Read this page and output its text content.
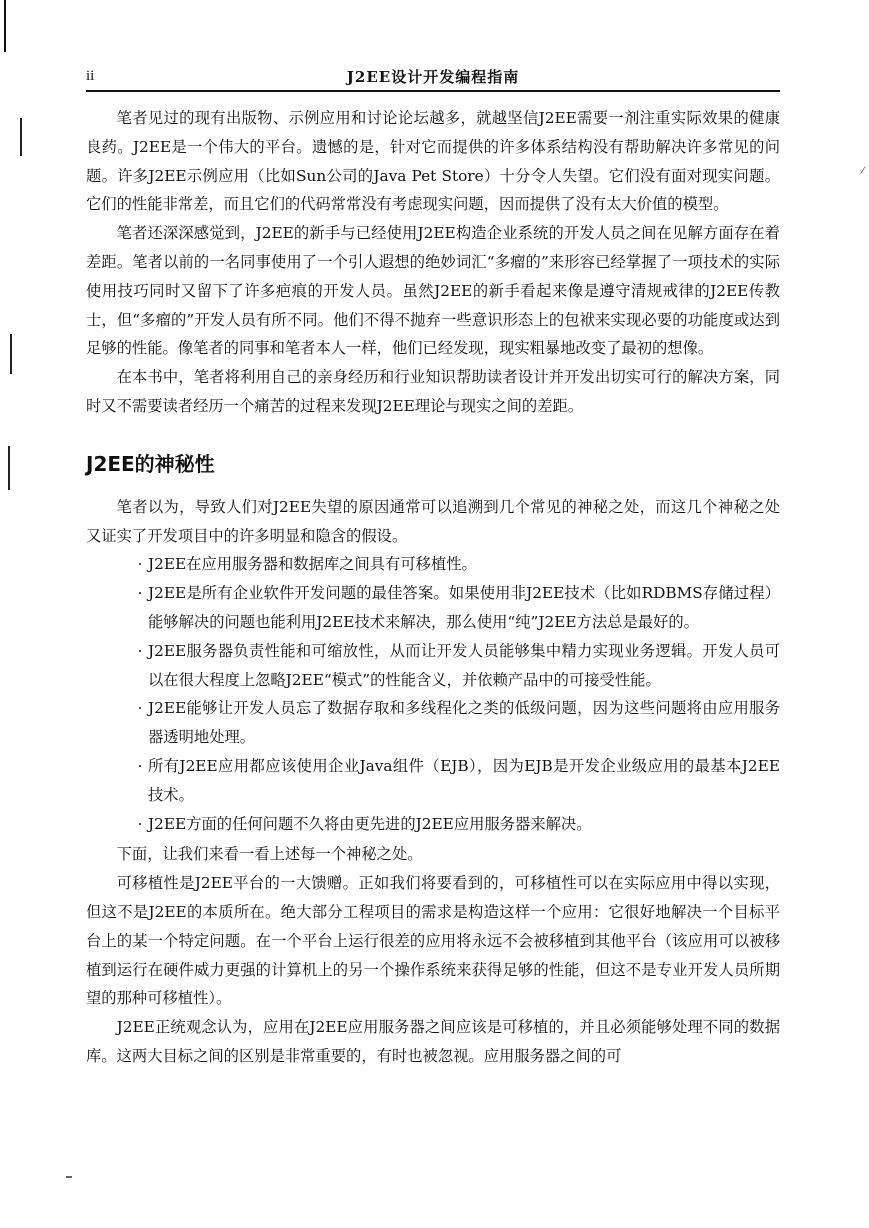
⁄
ii	J2EE设计开发编程指南

笔者见过的现有出版物、示例应用和讨论论坛越多，就越坚信J2EE需要一剂注重实际效果的健康良药。J2EE是一个伟大的平台。遗憾的是，针对它而提供的许多体系结构没有帮助解决许多常见的问题。许多J2EE示例应用（比如Sun公司的Java Pet Store）十分令人失望。它们没有面对现实问题。它们的性能非常差，而且它们的代码常常没有考虑现实问题，因而提供了没有太大价值的模型。

笔者还深深感觉到，J2EE的新手与已经使用J2EE构造企业系统的开发人员之间在见解方面存在着差距。笔者以前的一名同事使用了一个引人遐想的绝妙词汇“多瘤的”来形容已经掌握了一项技术的实际使用技巧同时又留下了许多疤痕的开发人员。虽然J2EE的新手看起来像是遵守清规戒律的J2EE传教士，但“多瘤的”开发人员有所不同。他们不得不抛弃一些意识形态上的包袱来实现必要的功能度或达到足够的性能。像笔者的同事和笔者本人一样，他们已经发现，现实粗暴地改变了最初的想像。

在本书中，笔者将利用自己的亲身经历和行业知识帮助读者设计并开发出切实可行的解决方案，同时又不需要读者经历一个痛苦的过程来发现J2EE理论与现实之间的差距。

J2EE的神秘性

笔者以为，导致人们对J2EE失望的原因通常可以追溯到几个常见的神秘之处，而这几个神秘之处又证实了开发项目中的许多明显和隐含的假设。

· J2EE在应用服务器和数据库之间具有可移植性。
· J2EE是所有企业软件开发问题的最佳答案。如果使用非J2EE技术（比如RDBMS存储过程）能够解决的问题也能利用J2EE技术来解决，那么使用“纯”J2EE方法总是最好的。
· J2EE服务器负责性能和可缩放性，从而让开发人员能够集中精力实现业务逻辑。开发人员可以在很大程度上忽略J2EE“模式”的性能含义，并依赖产品中的可接受性能。
· J2EE能够让开发人员忘了数据存取和多线程化之类的低级问题，因为这些问题将由应用服务器透明地处理。
· 所有J2EE应用都应该使用企业Java组件（EJB），因为EJB是开发企业级应用的最基本J2EE技术。
· J2EE方面的任何问题不久将由更先进的J2EE应用服务器来解决。

下面，让我们来看一看上述每一个神秘之处。

可移植性是J2EE平台的一大馈赠。正如我们将要看到的，可移植性可以在实际应用中得以实现，但这不是J2EE的本质所在。绝大部分工程项目的需求是构造这样一个应用：它很好地解决一个目标平台上的某一个特定问题。在一个平台上运行很差的应用将永远不会被移植到其他平台（该应用可以被移植到运行在硬件威力更强的计算机上的另一个操作系统来获得足够的性能，但这不是专业开发人员所期望的那种可移植性）。

J2EE正统观念认为，应用在J2EE应用服务器之间应该是可移植的，并且必须能够处理不同的数据库。这两大目标之间的区别是非常重要的，有时也被忽视。应用服务器之间的可
